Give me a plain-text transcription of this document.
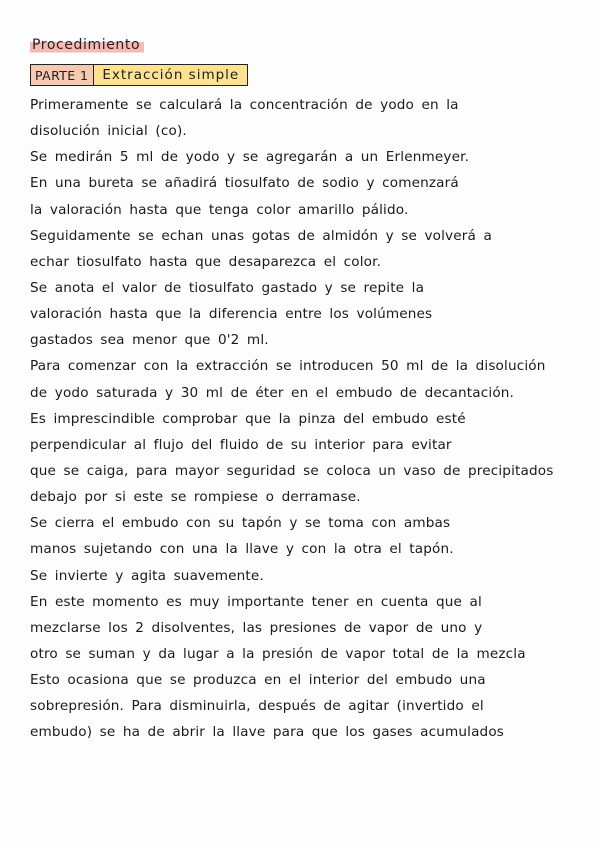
Procedimiento
PARTE 1	Extracción simple
Primeramente se calculará la concentración de yodo en la
disolución inicial (co).
Se medirán 5 ml de yodo y se agregarán a un Erlenmeyer.
En una bureta se añadirá tiosulfato de sodio y comenzará
la valoración hasta que tenga color amarillo pálido.
Seguidamente se echan unas gotas de almidón y se volverá a
echar tiosulfato hasta que desaparezca el color.
Se anota el valor de tiosulfato gastado y se repite la
valoración hasta que la diferencia entre los volúmenes
gastados sea menor que 0'2 ml.
Para comenzar con la extracción se introducen 50 ml de la disolución
de yodo saturada y 30 ml de éter en el embudo de decantación.
Es imprescindible comprobar que la pinza del embudo esté
perpendicular al flujo del fluido de su interior para evitar
que se caiga, para mayor seguridad se coloca un vaso de precipitados
debajo por si este se rompiese o derramase.
Se cierra el embudo con su tapón y se toma con ambas
manos sujetando con una la llave y con la otra el tapón.
Se invierte y agita suavemente.
En este momento es muy importante tener en cuenta que al
mezclarse los 2 disolventes, las presiones de vapor de uno y
otro se suman y da lugar a la presión de vapor total de la mezcla
Esto ocasiona que se produzca en el interior del embudo una
sobrepresión. Para disminuirla, después de agitar (invertido el
embudo) se ha de abrir la llave para que los gases acumulados
